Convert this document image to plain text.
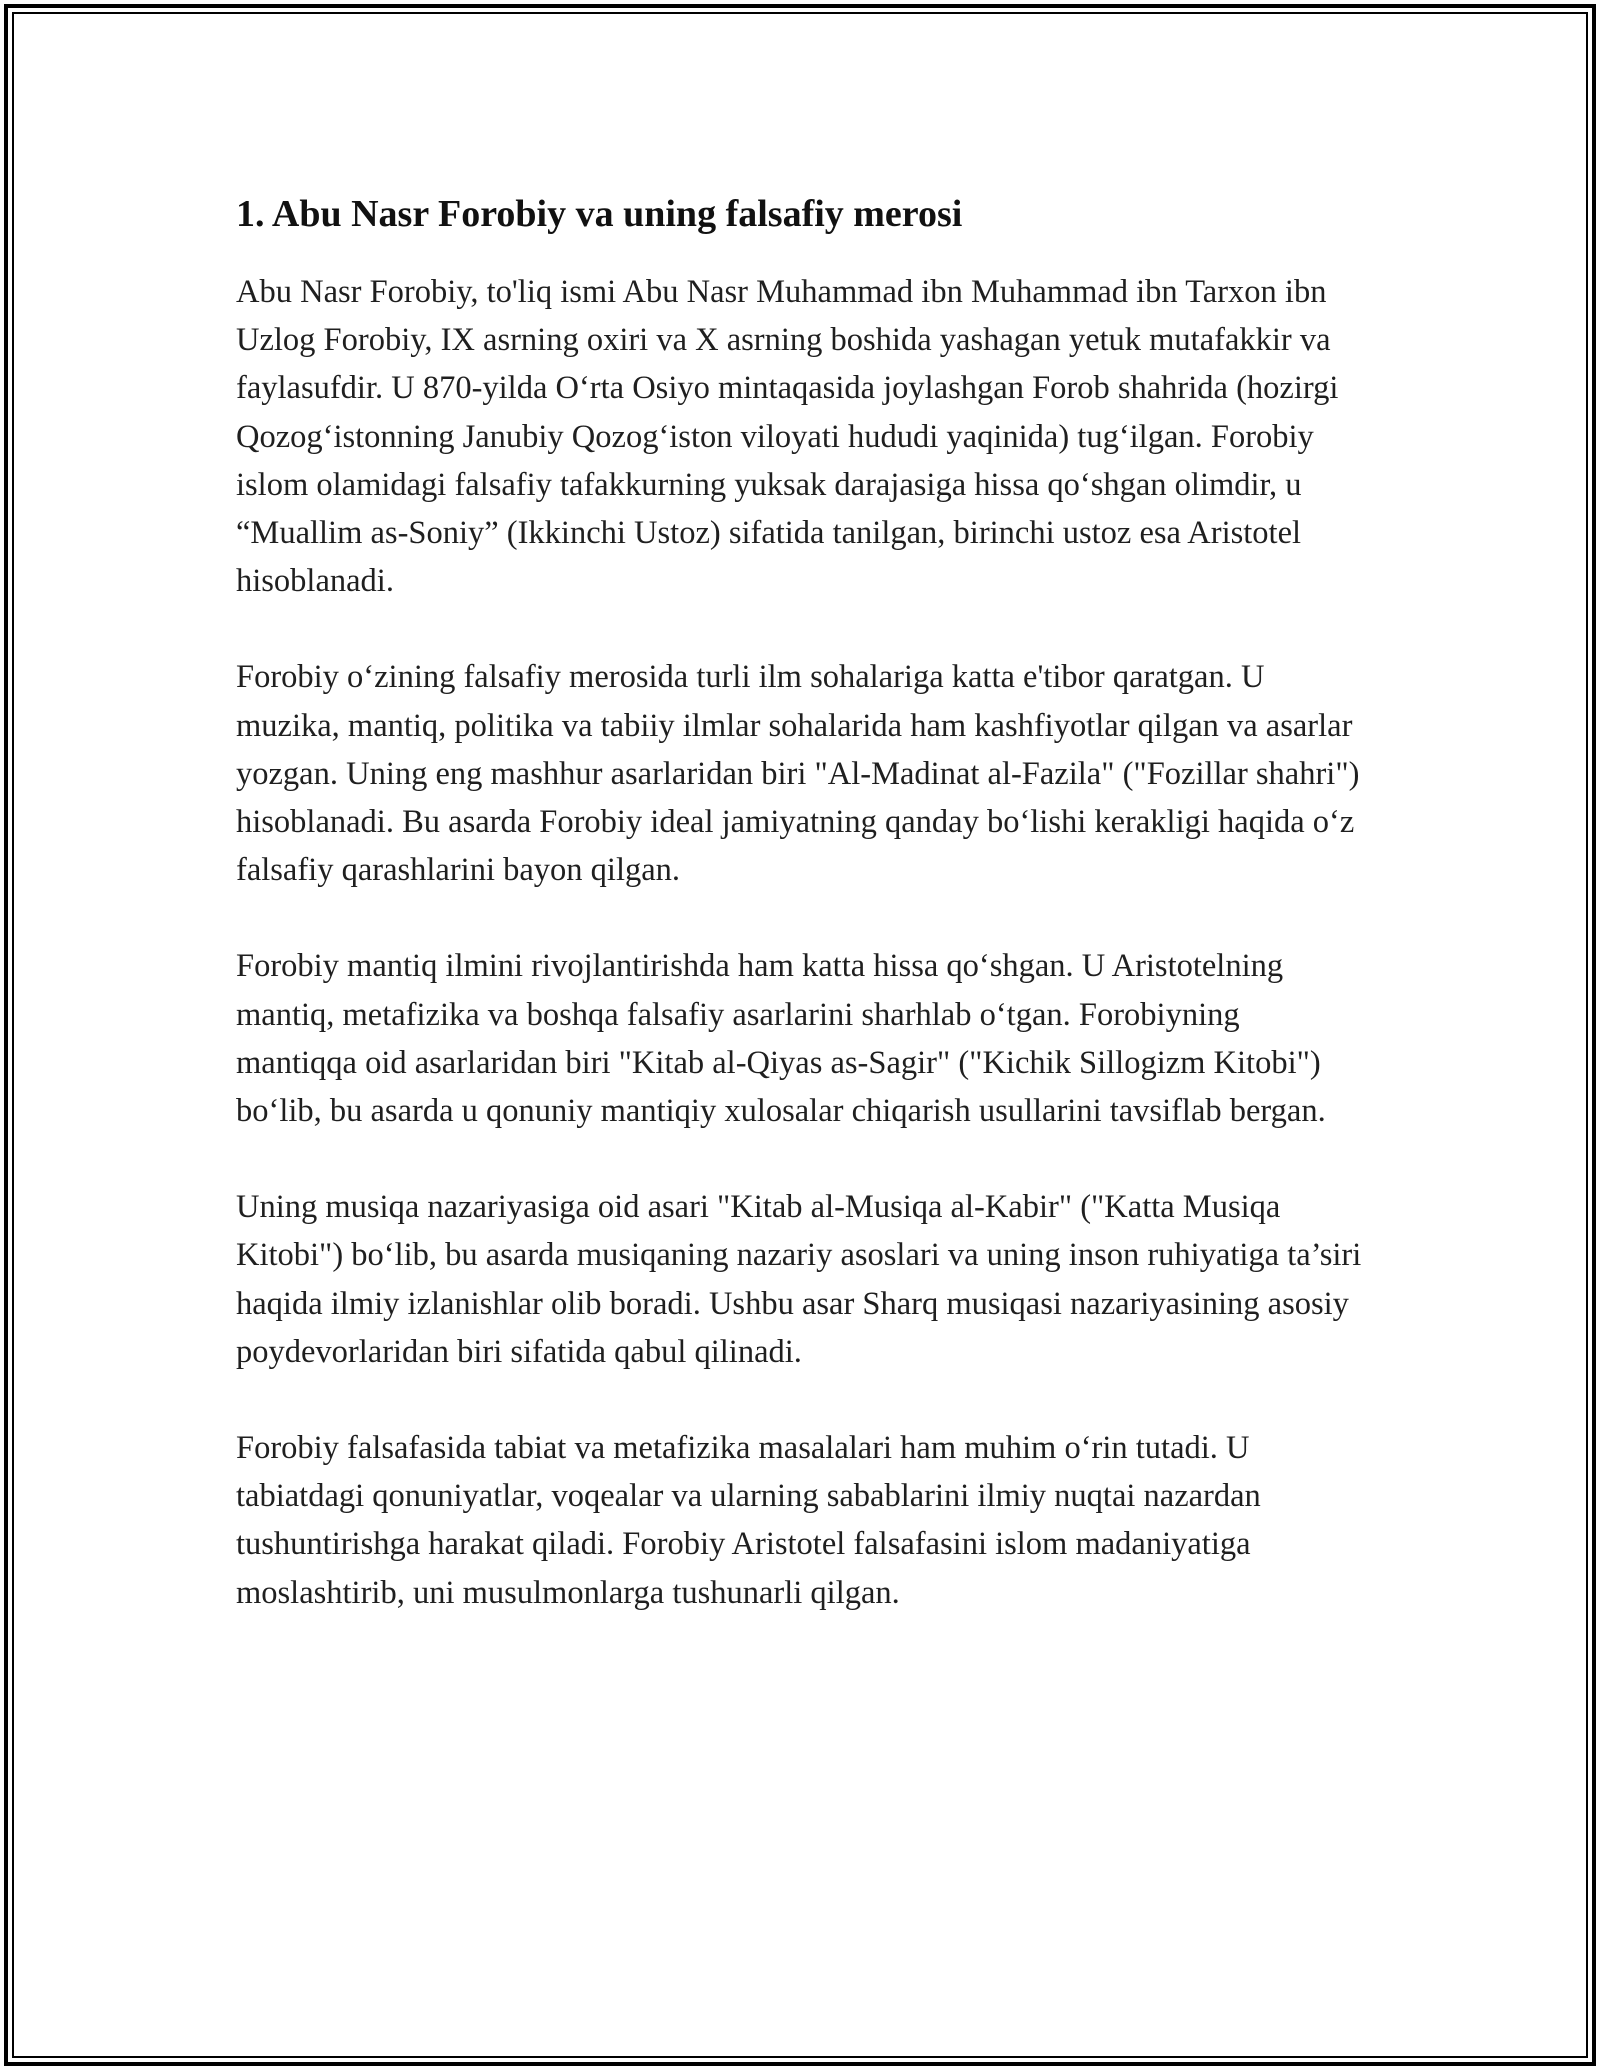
1. Abu Nasr Forobiy va uning falsafiy merosi

Abu Nasr Forobiy, to'liq ismi Abu Nasr Muhammad ibn Muhammad ibn Tarxon ibn Uzlog Forobiy, IX asrning oxiri va X asrning boshida yashagan yetuk mutafakkir va faylasufdir. U 870-yilda O‘rta Osiyo mintaqasida joylashgan Forob shahrida (hozirgi Qozog‘istonning Janubiy Qozog‘iston viloyati hududi yaqinida) tug‘ilgan. Forobiy islom olamidagi falsafiy tafakkurning yuksak darajasiga hissa qo‘shgan olimdir, u “Muallim as-Soniy” (Ikkinchi Ustoz) sifatida tanilgan, birinchi ustoz esa Aristotel hisoblanadi.

Forobiy o‘zining falsafiy merosida turli ilm sohalariga katta e'tibor qaratgan. U muzika, mantiq, politika va tabiiy ilmlar sohalarida ham kashfiyotlar qilgan va asarlar yozgan. Uning eng mashhur asarlaridan biri "Al-Madinat al-Fazila" ("Fozillar shahri") hisoblanadi. Bu asarda Forobiy ideal jamiyatning qanday bo‘lishi kerakligi haqida o‘z falsafiy qarashlarini bayon qilgan.

Forobiy mantiq ilmini rivojlantirishda ham katta hissa qo‘shgan. U Aristotelning mantiq, metafizika va boshqa falsafiy asarlarini sharhlab o‘tgan. Forobiyning mantiqqa oid asarlaridan biri "Kitab al-Qiyas as-Sagir" ("Kichik Sillogizm Kitobi") bo‘lib, bu asarda u qonuniy mantiqiy xulosalar chiqarish usullarini tavsiflab bergan.

Uning musiqa nazariyasiga oid asari "Kitab al-Musiqa al-Kabir" ("Katta Musiqa Kitobi") bo‘lib, bu asarda musiqaning nazariy asoslari va uning inson ruhiyatiga ta’siri haqida ilmiy izlanishlar olib boradi. Ushbu asar Sharq musiqasi nazariyasining asosiy poydevorlaridan biri sifatida qabul qilinadi.

Forobiy falsafasida tabiat va metafizika masalalari ham muhim o‘rin tutadi. U tabiatdagi qonuniyatlar, voqealar va ularning sabablarini ilmiy nuqtai nazardan tushuntirishga harakat qiladi. Forobiy Aristotel falsafasini islom madaniyatiga moslashtirib, uni musulmonlarga tushunarli qilgan.
